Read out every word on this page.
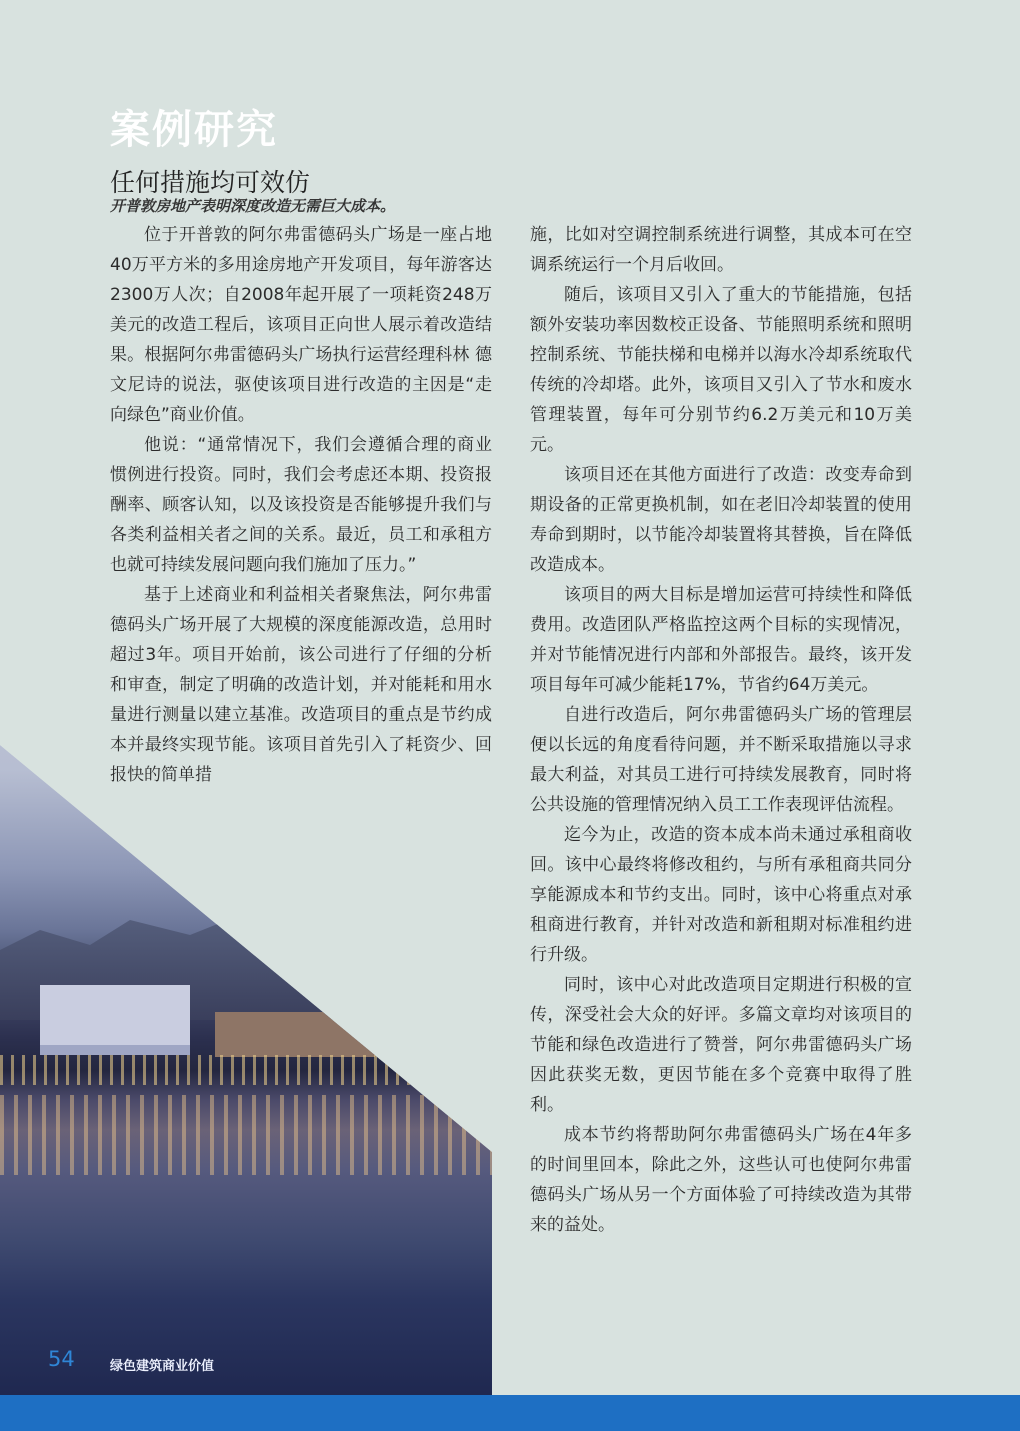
案例研究
任何措施均可效仿

开普敦房地产表明深度改造无需巨大成本。

位于开普敦的阿尔弗雷德码头广场是一座占地40万平方米的多用途房地产开发项目，每年游客达2300万人次；自2008年起开展了一项耗资248万美元的改造工程后，该项目正向世人展示着改造结果。根据阿尔弗雷德码头广场执行运营经理科林 德文尼诗的说法，驱使该项目进行改造的主因是“走向绿色”商业价值。

他说：“通常情况下，我们会遵循合理的商业惯例进行投资。同时，我们会考虑还本期、投资报酬率、顾客认知，以及该投资是否能够提升我们与各类利益相关者之间的关系。最近，员工和承租方也就可持续发展问题向我们施加了压力。”

基于上述商业和利益相关者聚焦法，阿尔弗雷德码头广场开展了大规模的深度能源改造，总用时超过3年。项目开始前，该公司进行了仔细的分析和审查，制定了明确的改造计划，并对能耗和用水量进行测量以建立基准。改造项目的重点是节约成本并最终实现节能。该项目首先引入了耗资少、回报快的简单措

施，比如对空调控制系统进行调整，其成本可在空调系统运行一个月后收回。

随后，该项目又引入了重大的节能措施，包括额外安装功率因数校正设备、节能照明系统和照明控制系统、节能扶梯和电梯并以海水冷却系统取代传统的冷却塔。此外，该项目又引入了节水和废水管理装置，每年可分别节约6.2万美元和10万美元。

该项目还在其他方面进行了改造：改变寿命到期设备的正常更换机制，如在老旧冷却装置的使用寿命到期时，以节能冷却装置将其替换，旨在降低改造成本。

该项目的两大目标是增加运营可持续性和降低费用。改造团队严格监控这两个目标的实现情况，并对节能情况进行内部和外部报告。最终，该开发项目每年可减少能耗17%，节省约64万美元。

自进行改造后，阿尔弗雷德码头广场的管理层便以长远的角度看待问题，并不断采取措施以寻求最大利益，对其员工进行可持续发展教育，同时将公共设施的管理情况纳入员工工作表现评估流程。

迄今为止，改造的资本成本尚未通过承租商收回。该中心最终将修改租约，与所有承租商共同分享能源成本和节约支出。同时，该中心将重点对承租商进行教育，并针对改造和新租期对标准租约进行升级。

同时，该中心对此改造项目定期进行积极的宣传，深受社会大众的好评。多篇文章均对该项目的节能和绿色改造进行了赞誉，阿尔弗雷德码头广场因此获奖无数，更因节能在多个竞赛中取得了胜利。

成本节约将帮助阿尔弗雷德码头广场在4年多的时间里回本，除此之外，这些认可也使阿尔弗雷德码头广场从另一个方面体验了可持续改造为其带来的益处。

54	绿色建筑商业价值
